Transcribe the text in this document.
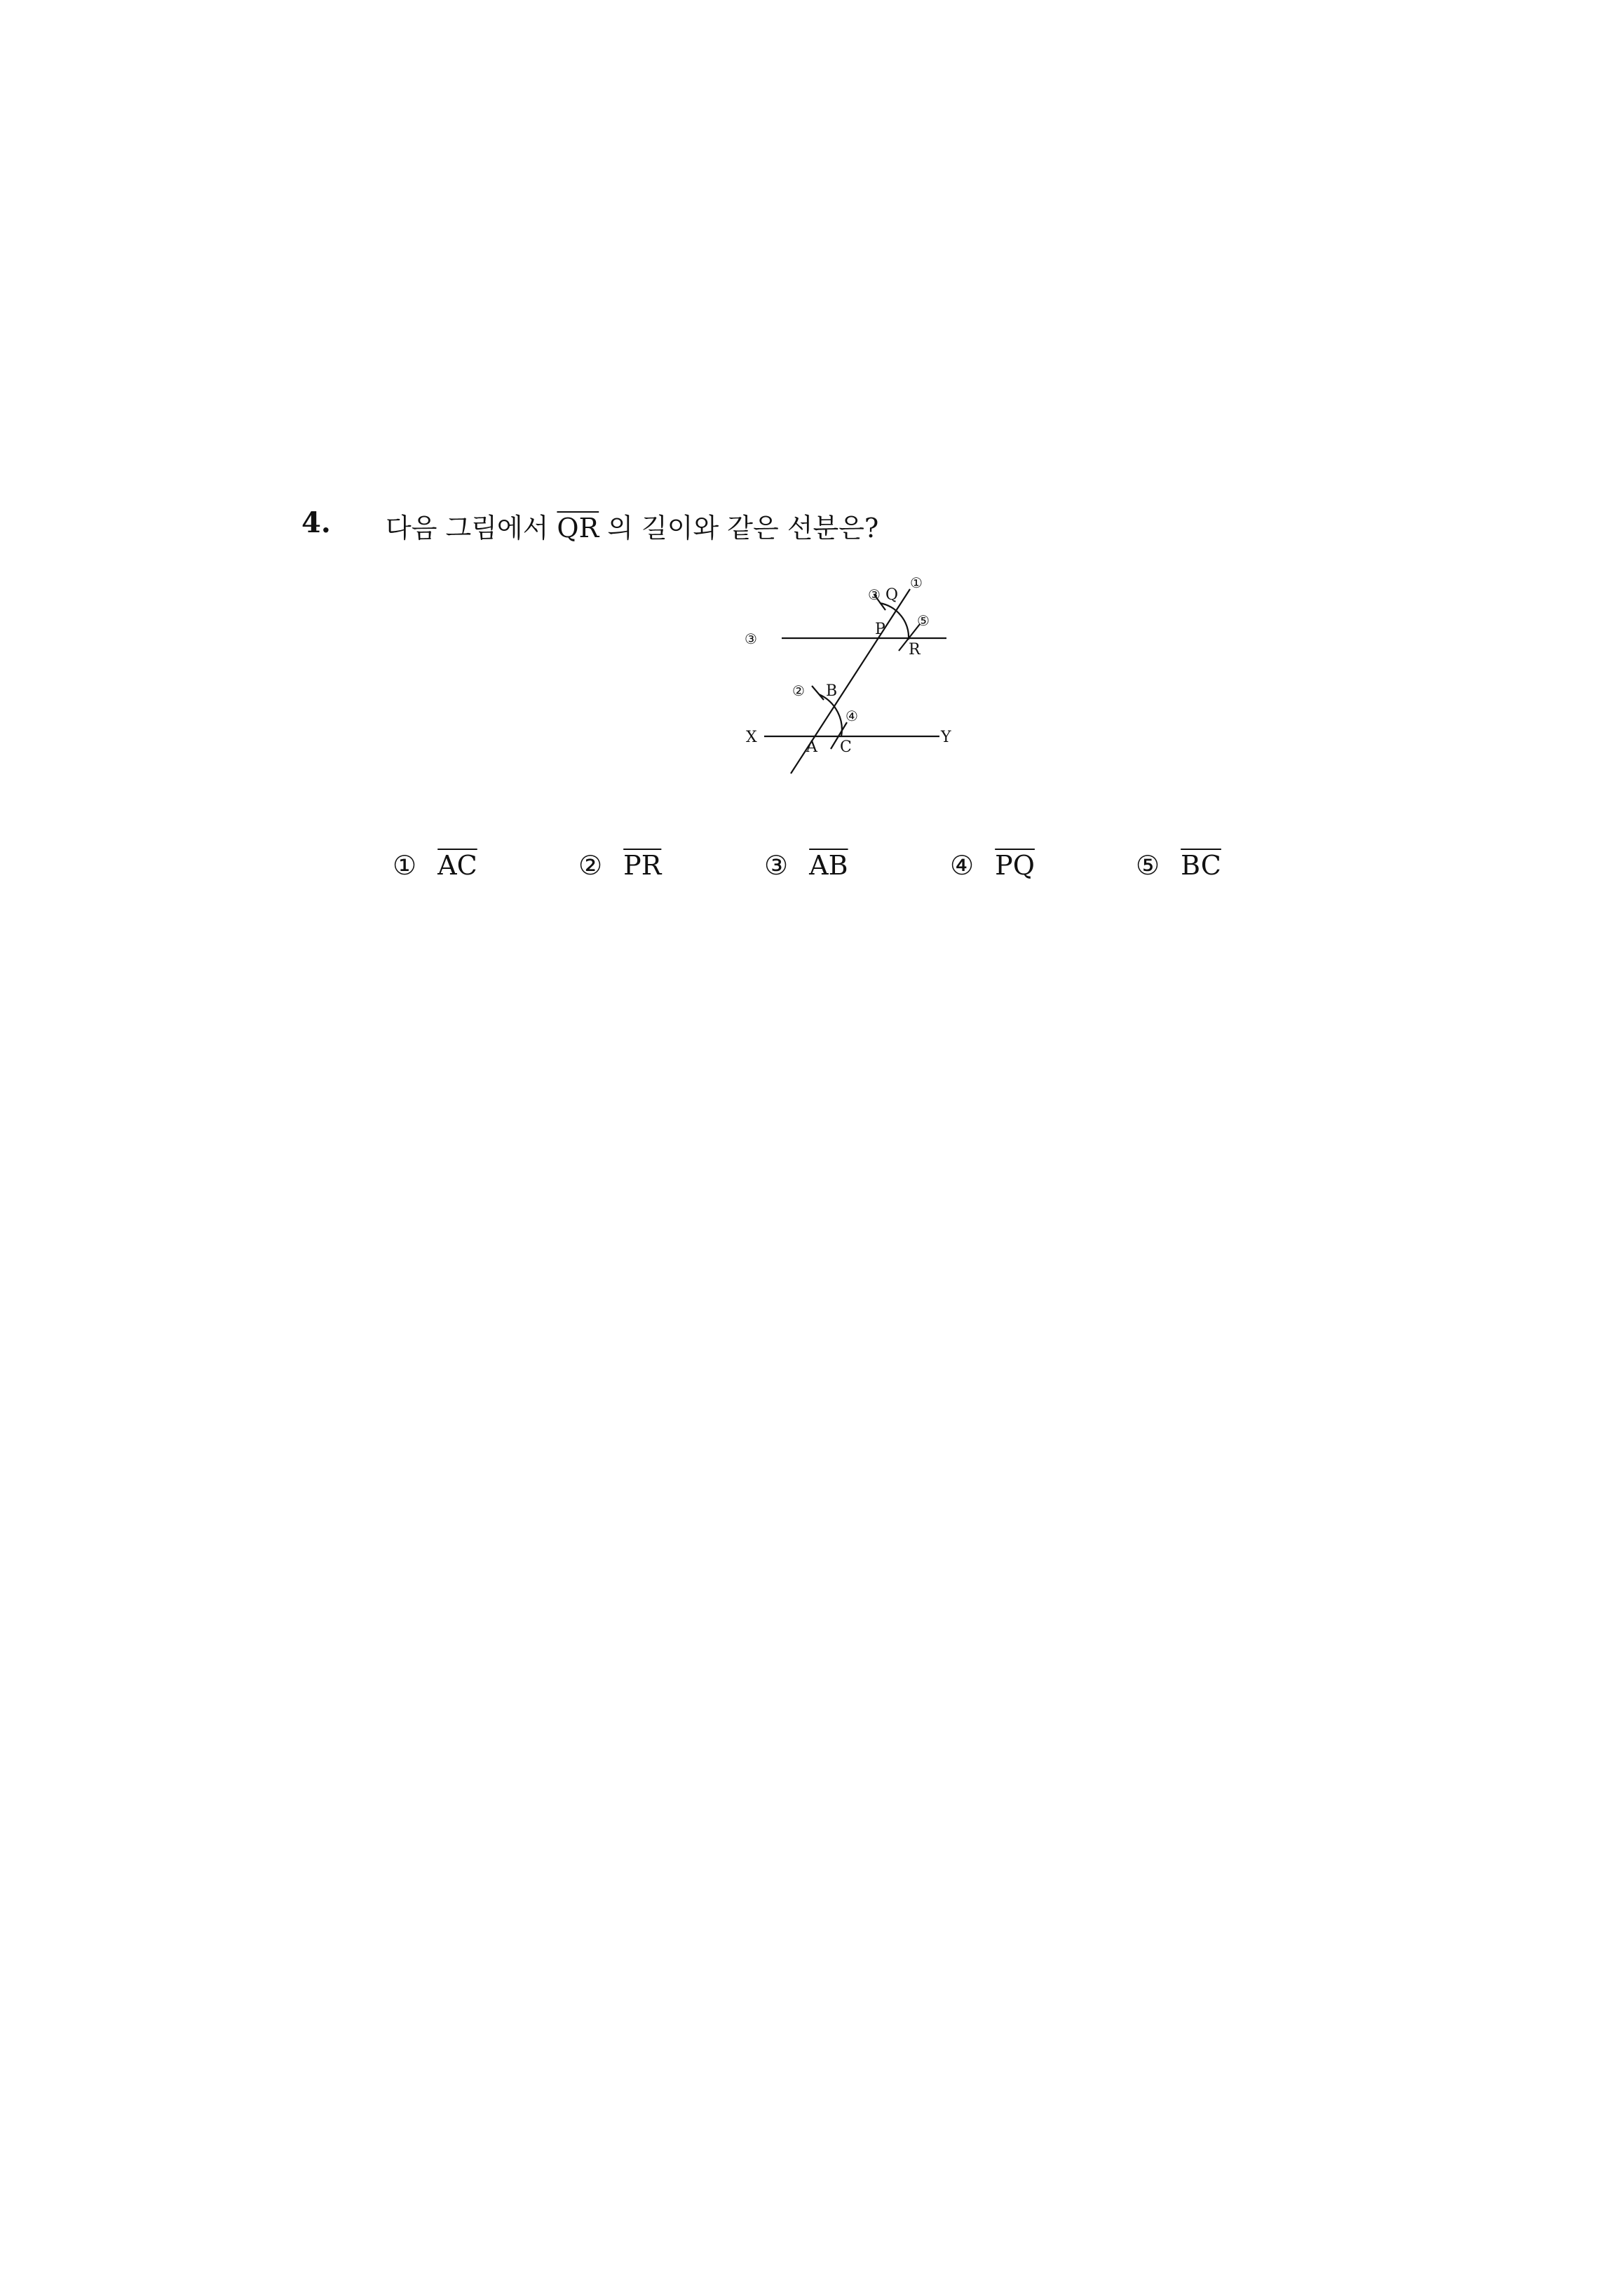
4. 다음 그림에서 $\overline{QR}$ 의 길이와 같은 선분은?
X	Y
A C
B
P
Q
R
①
③
⑤
③
②
④
① $\overline{AC}$	② $\overline{PR}$	③ $\overline{AB}$	④ $\overline{PQ}$	⑤ $\overline{BC}$
